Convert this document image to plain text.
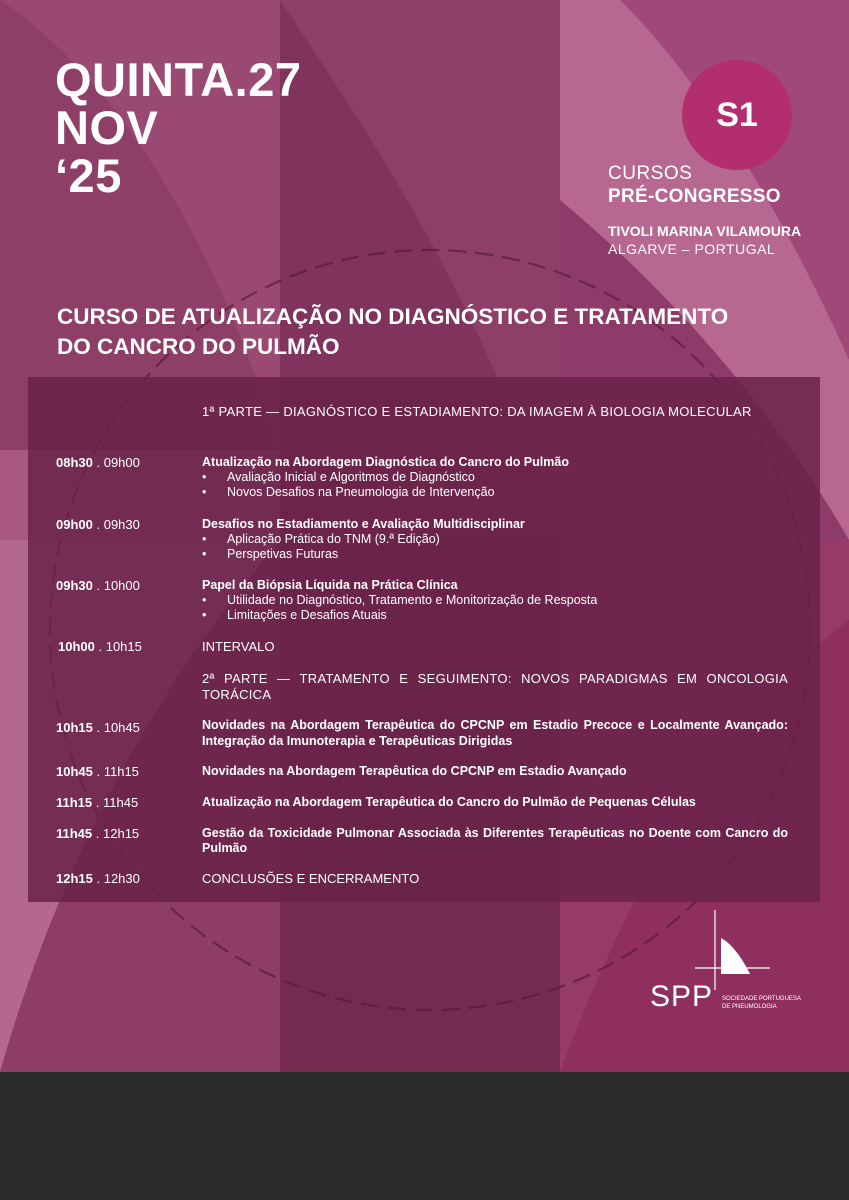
QUINTA.27
NOV
‘25
S1
CURSOS
PRÉ-CONGRESSO
TIVOLI MARINA VILAMOURA
ALGARVE – PORTUGAL
CURSO DE ATUALIZAÇÃO NO DIAGNÓSTICO E TRATAMENTO DO CANCRO DO PULMÃO
1ª PARTE — DIAGNÓSTICO E ESTADIAMENTO: DA IMAGEM À BIOLOGIA MOLECULAR
08h30 . 09h00	Atualização na Abordagem Diagnóstica do Cancro do Pulmão
• Avaliação Inicial e Algoritmos de Diagnóstico
• Novos Desafios na Pneumologia de Intervenção
09h00 . 09h30	Desafios no Estadiamento e Avaliação Multidisciplinar
• Aplicação Prática do TNM (9.ª Edição)
• Perspetivas Futuras
09h30 . 10h00	Papel da Biópsia Líquida na Prática Clínica
• Utilidade no Diagnóstico, Tratamento e Monitorização de Resposta
• Limitações e Desafios Atuais
10h00 . 10h15	INTERVALO
2ª PARTE — TRATAMENTO E SEGUIMENTO: NOVOS PARADIGMAS EM ONCOLOGIA TORÁCICA
10h15 . 10h45	Novidades na Abordagem Terapêutica do CPCNP em Estadio Precoce e Localmente Avançado: Integração da Imunoterapia e Terapêuticas Dirigidas
10h45 . 11h15	Novidades na Abordagem Terapêutica do CPCNP em Estadio Avançado
11h15 . 11h45	Atualização na Abordagem Terapêutica do Cancro do Pulmão de Pequenas Células
11h45 . 12h15	Gestão da Toxicidade Pulmonar Associada às Diferentes Terapêuticas no Doente com Cancro do Pulmão
12h15 . 12h30	CONCLUSÕES E ENCERRAMENTO
SPP SOCIEDADE PORTUGUESA
DE PNEUMOLOGIA
